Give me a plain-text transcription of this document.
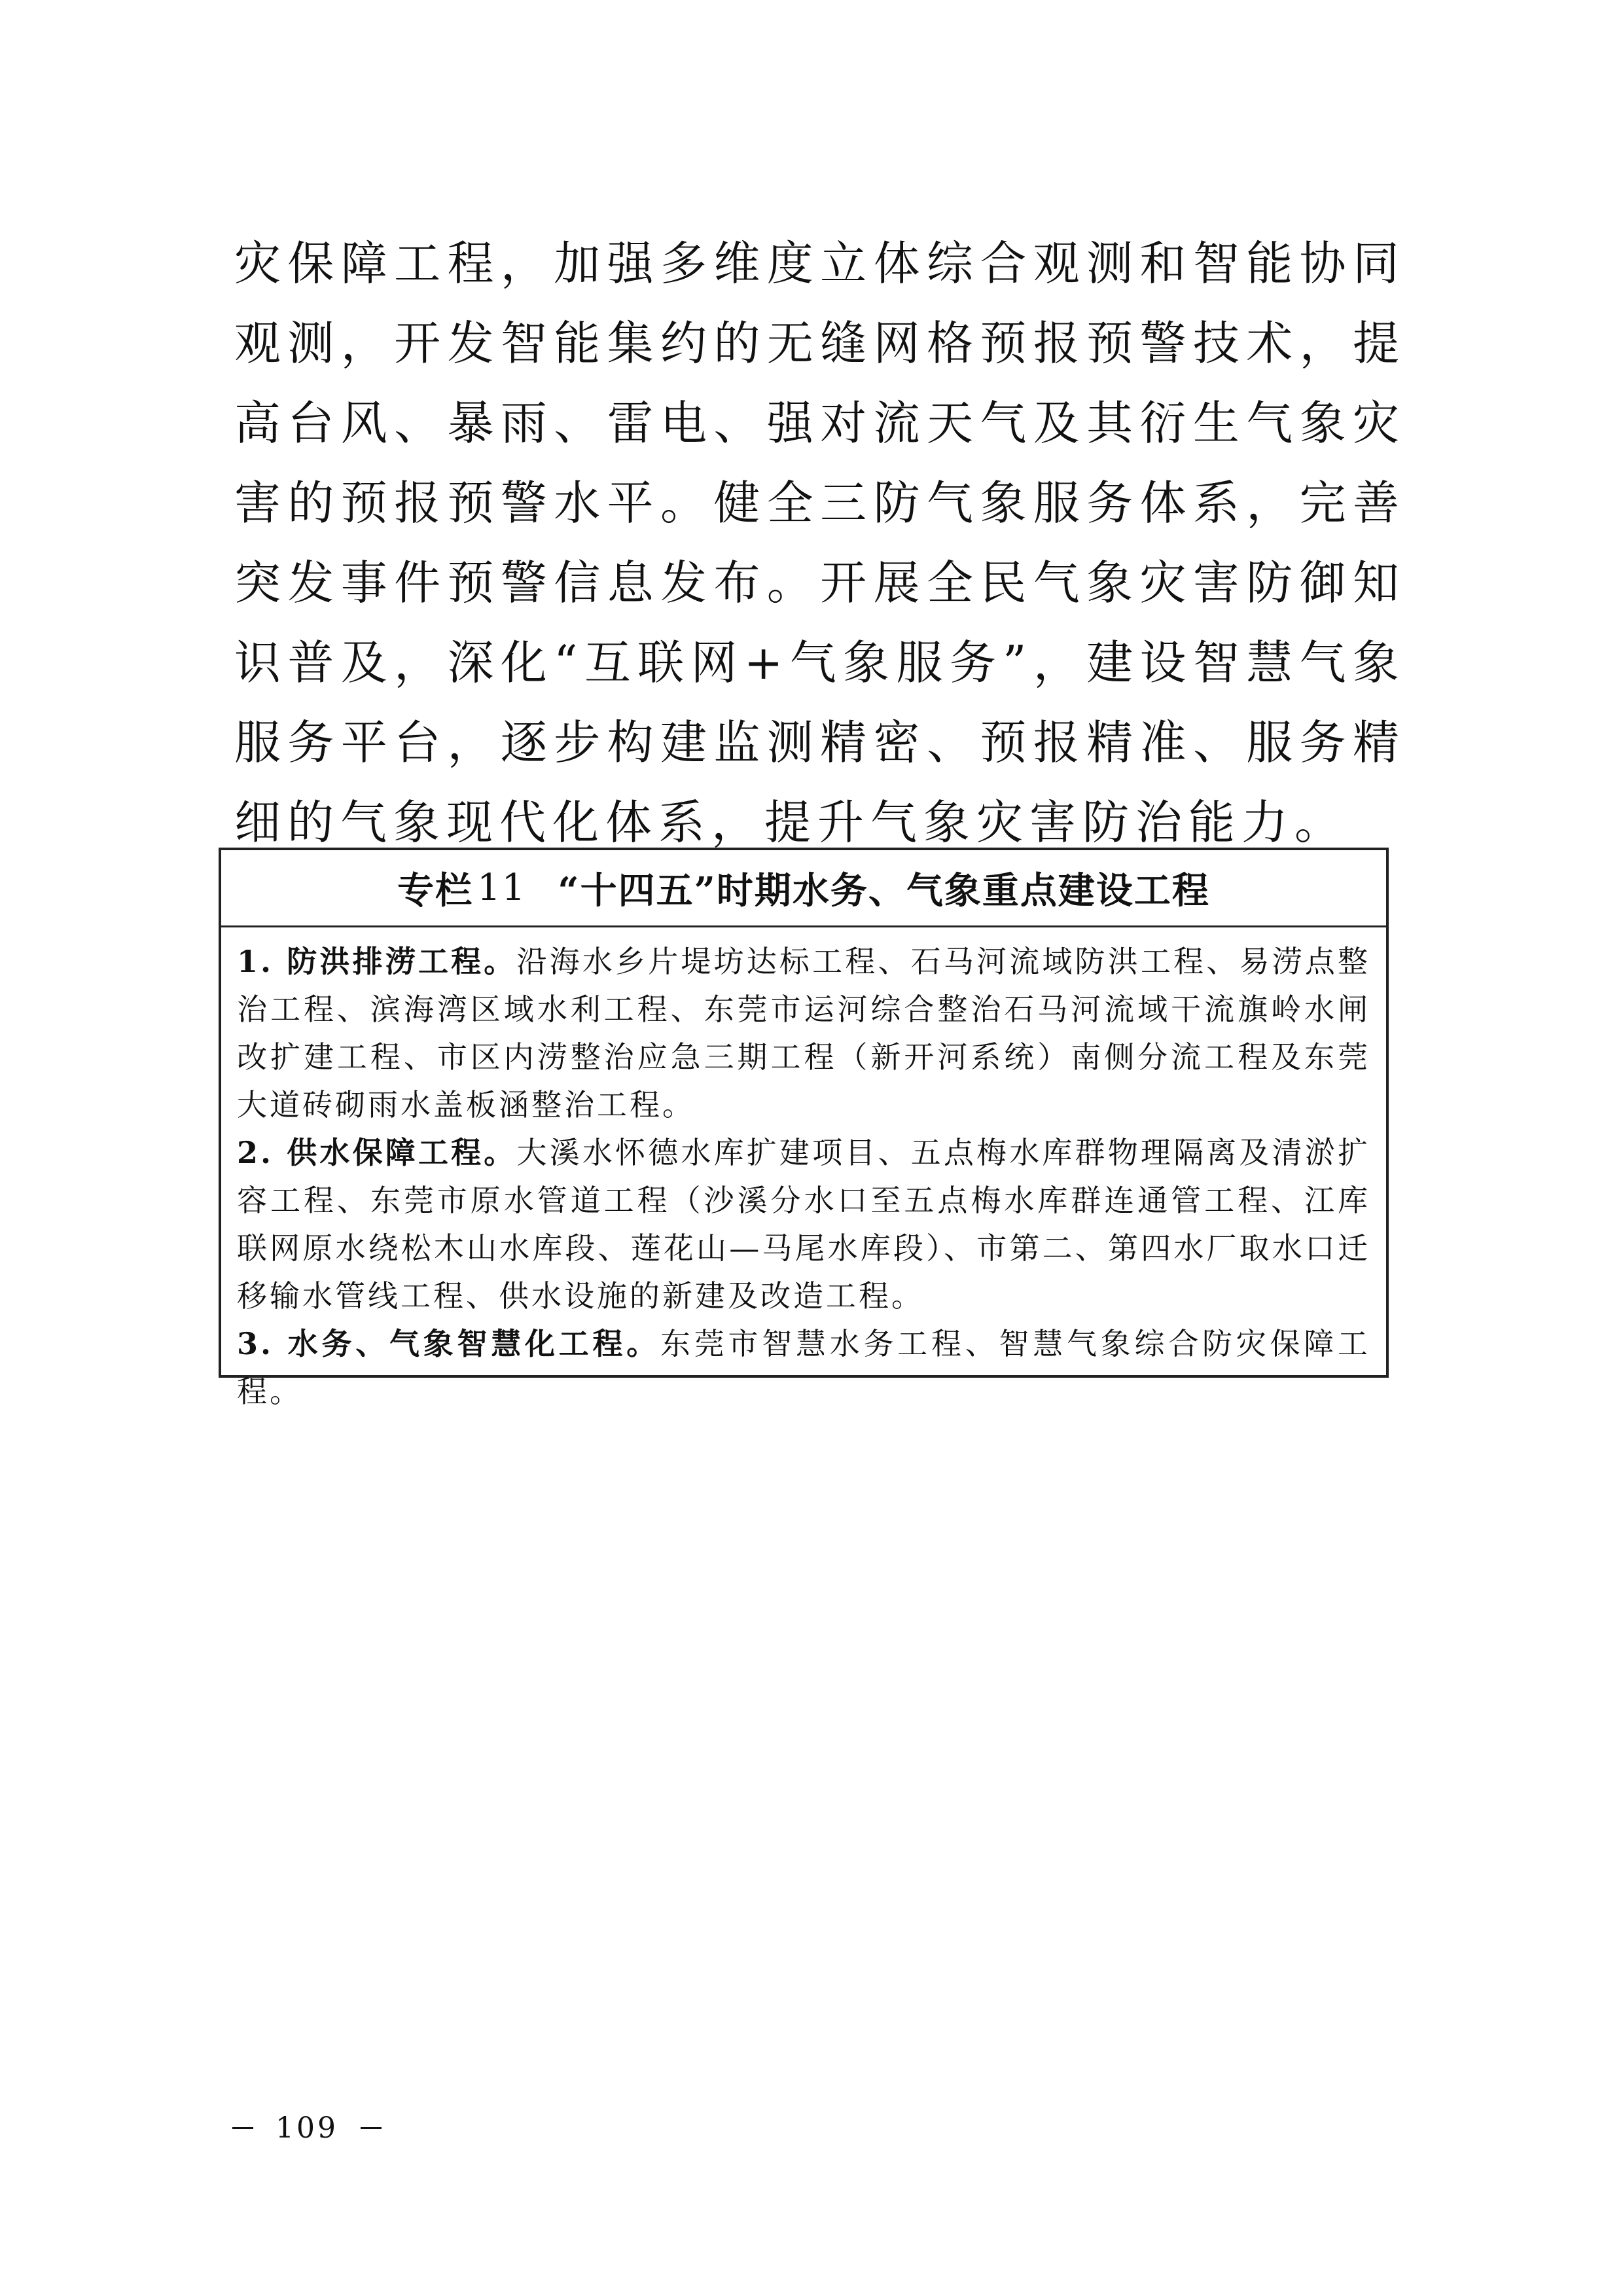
灾保障工程，加强多维度立体综合观测和智能协同观测，开发智能集约的无缝网格预报预警技术，提高台风、暴雨、雷电、强对流天气及其衍生气象灾害的预报预警水平。健全三防气象服务体系，完善突发事件预警信息发布。开展全民气象灾害防御知识普及，深化“互联网+气象服务”，建设智慧气象服务平台，逐步构建监测精密、预报精准、服务精细的气象现代化体系，提升气象灾害防治能力。

专栏 11 “十四五”时期水务、气象重点建设工程

1. 防洪排涝工程。沿海水乡片堤坊达标工程、石马河流域防洪工程、易涝点整治工程、滨海湾区域水利工程、东莞市运河综合整治石马河流域干流旗岭水闸改扩建工程、市区内涝整治应急三期工程（新开河系统）南侧分流工程及东莞大道砖砌雨水盖板涵整治工程。

2. 供水保障工程。大溪水怀德水库扩建项目、五点梅水库群物理隔离及清淤扩容工程、东莞市原水管道工程（沙溪分水口至五点梅水库群连通管工程、江库联网原水绕松木山水库段、莲花山—马尾水库段）、市第二、第四水厂取水口迁移输水管线工程、供水设施的新建及改造工程。

3. 水务、气象智慧化工程。东莞市智慧水务工程、智慧气象综合防灾保障工程。

109
